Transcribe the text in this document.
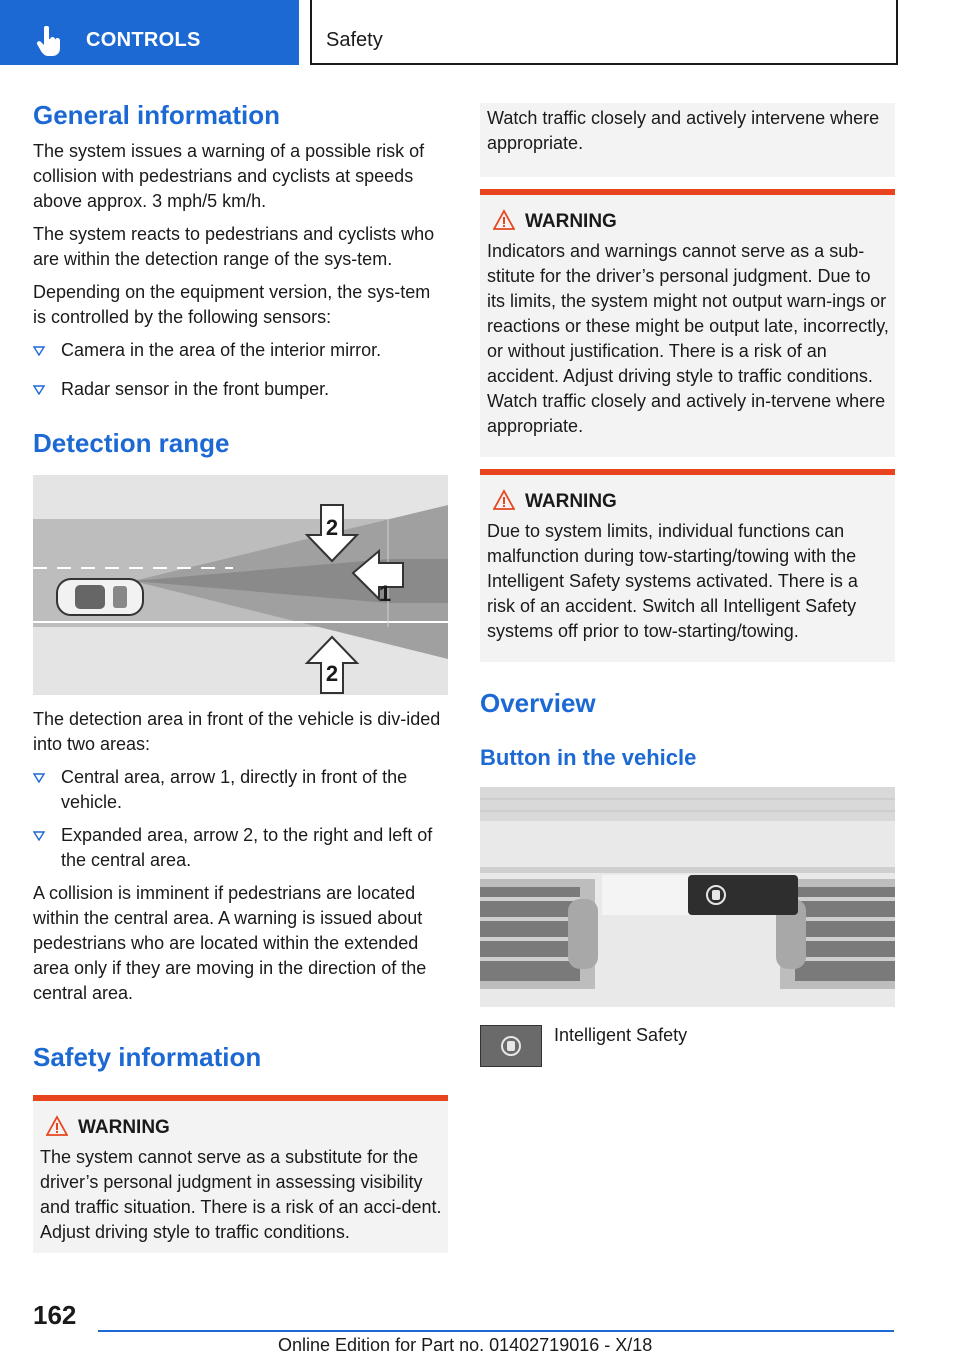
CONTROLS	Safety
General information

The system issues a warning of a possible risk of collision with pedestrians and cyclists at speeds above approx. 3 mph/5 km/h.

The system reacts to pedestrians and cyclists who are within the detection range of the sys‐tem.

Depending on the equipment version, the sys‐tem is controlled by the following sensors:

Camera in the area of the interior mirror.
Radar sensor in the front bumper.
Detection range
2
1
2

The detection area in front of the vehicle is div‐ided into two areas:

Central area, arrow 1, directly in front of the vehicle.
Expanded area, arrow 2, to the right and left of the central area.

A collision is imminent if pedestrians are located within the central area. A warning is issued about pedestrians who are located within the extended area only if they are moving in the direction of the central area.

Safety information
WARNING

The system cannot serve as a substitute for the driver’s personal judgment in assessing visibility and traffic situation. There is a risk of an acci‐dent. Adjust driving style to traffic conditions.

Watch traffic closely and actively intervene where appropriate.

WARNING

Indicators and warnings cannot serve as a sub‐stitute for the driver’s personal judgment. Due to its limits, the system might not output warn‐ings or reactions or these might be output late, incorrectly, or without justification. There is a risk of an accident. Adjust driving style to traffic conditions. Watch traffic closely and actively in‐tervene where appropriate.

WARNING

Due to system limits, individual functions can malfunction during tow-starting/towing with the Intelligent Safety systems activated. There is a risk of an accident. Switch all Intelligent Safety systems off prior to tow-starting/towing.

Overview
Button in the vehicle
Intelligent Safety
162
Online Edition for Part no. 01402719016 - X/18
